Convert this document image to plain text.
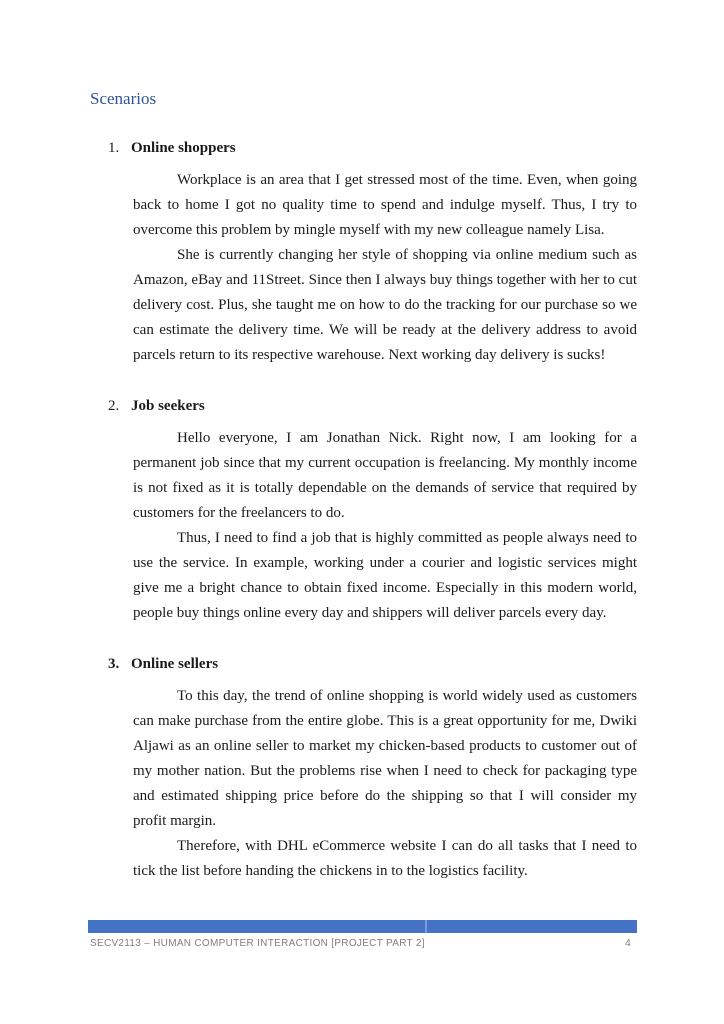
Scenarios
1. Online shoppers

Workplace is an area that I get stressed most of the time. Even, when going back to home I got no quality time to spend and indulge myself. Thus, I try to overcome this problem by mingle myself with my new colleague namely Lisa.

She is currently changing her style of shopping via online medium such as Amazon, eBay and 11Street. Since then I always buy things together with her to cut delivery cost. Plus, she taught me on how to do the tracking for our purchase so we can estimate the delivery time. We will be ready at the delivery address to avoid parcels return to its respective warehouse. Next working day delivery is sucks!

2. Job seekers

Hello everyone, I am Jonathan Nick. Right now, I am looking for a permanent job since that my current occupation is freelancing. My monthly income is not fixed as it is totally dependable on the demands of service that required by customers for the freelancers to do.

Thus, I need to find a job that is highly committed as people always need to use the service. In example, working under a courier and logistic services might give me a bright chance to obtain fixed income. Especially in this modern world, people buy things online every day and shippers will deliver parcels every day.

3. Online sellers

To this day, the trend of online shopping is world widely used as customers can make purchase from the entire globe. This is a great opportunity for me, Dwiki Aljawi as an online seller to market my chicken-based products to customer out of my mother nation. But the problems rise when I need to check for packaging type and estimated shipping price before do the shipping so that I will consider my profit margin.

Therefore, with DHL eCommerce website I can do all tasks that I need to tick the list before handing the chickens in to the logistics facility.

SECV2113 – HUMAN COMPUTER INTERACTION [PROJECT PART 2]	4
